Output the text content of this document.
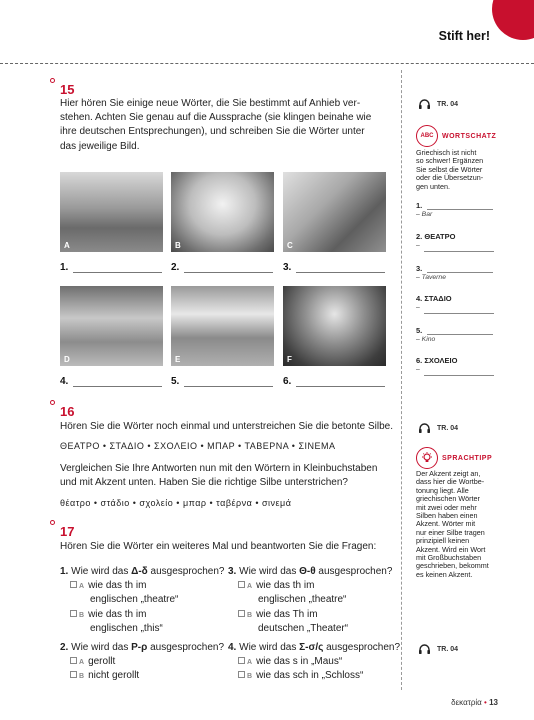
Stift her!
15
Hier hören Sie einige neue Wörter, die Sie bestimmt auf Anhieb ver-
stehen. Achten Sie genau auf die Aussprache (sie klingen beinahe wie
ihre deutschen Entsprechungen), und schreiben Sie die Wörter unter
das jeweilige Bild.
A	B	C
1.	2.	3.
D	E	F
4.	5.	6.
16
Hören Sie die Wörter noch einmal und unterstreichen Sie die betonte Silbe.
ΘΕΑΤΡΟ • ΣΤΑΔΙΟ • ΣΧΟΛΕΙΟ • ΜΠΑΡ • ΤΑΒΕΡΝΑ • ΣΙΝΕΜΑ
Vergleichen Sie Ihre Antworten nun mit den Wörtern in Kleinbuchstaben
und mit Akzent unten. Haben Sie die richtige Silbe unterstrichen?
θέατρο • στάδιο • σχολείο • μπαρ • ταβέρνα • σινεμά
17
Hören Sie die Wörter ein weiteres Mal und beantworten Sie die Fragen:
1. Wie wird das Δ-δ ausgesprochen?
A wie das th im
englischen „theatre“
B wie das th im
englischen „this“
2. Wie wird das Ρ-ρ ausgesprochen?
A gerollt
B nicht gerollt
3. Wie wird das Θ-θ ausgesprochen?
A wie das th im
englischen „theatre“
B wie das Th im
deutschen „Theater“
4. Wie wird das Σ-σ/ς ausgesprochen?
A wie das s in „Maus“
B wie das sch in „Schloss“
TR. 04
ABC	WORTSCHATZ
Griechisch ist nicht
so schwer! Ergänzen
Sie selbst die Wörter
oder die Übersetzun-
gen unten.
1.
– Bar
2. ΘΕΑΤΡΟ
–
3.
– Taverne
4. ΣΤΑΔΙΟ
–
5.
– Kino
6. ΣΧΟΛΕΙΟ
–
TR. 04
SPRACHTIPP
Der Akzent zeigt an,
dass hier die Wortbe-
tonung liegt. Alle
griechischen Wörter
mit zwei oder mehr
Silben haben einen
Akzent. Wörter mit
nur einer Silbe tragen
prinzipiell keinen
Akzent. Wird ein Wort
mit Großbuchstaben
geschrieben, bekommt
es keinen Akzent.
TR. 04
δεκατρία • 13
